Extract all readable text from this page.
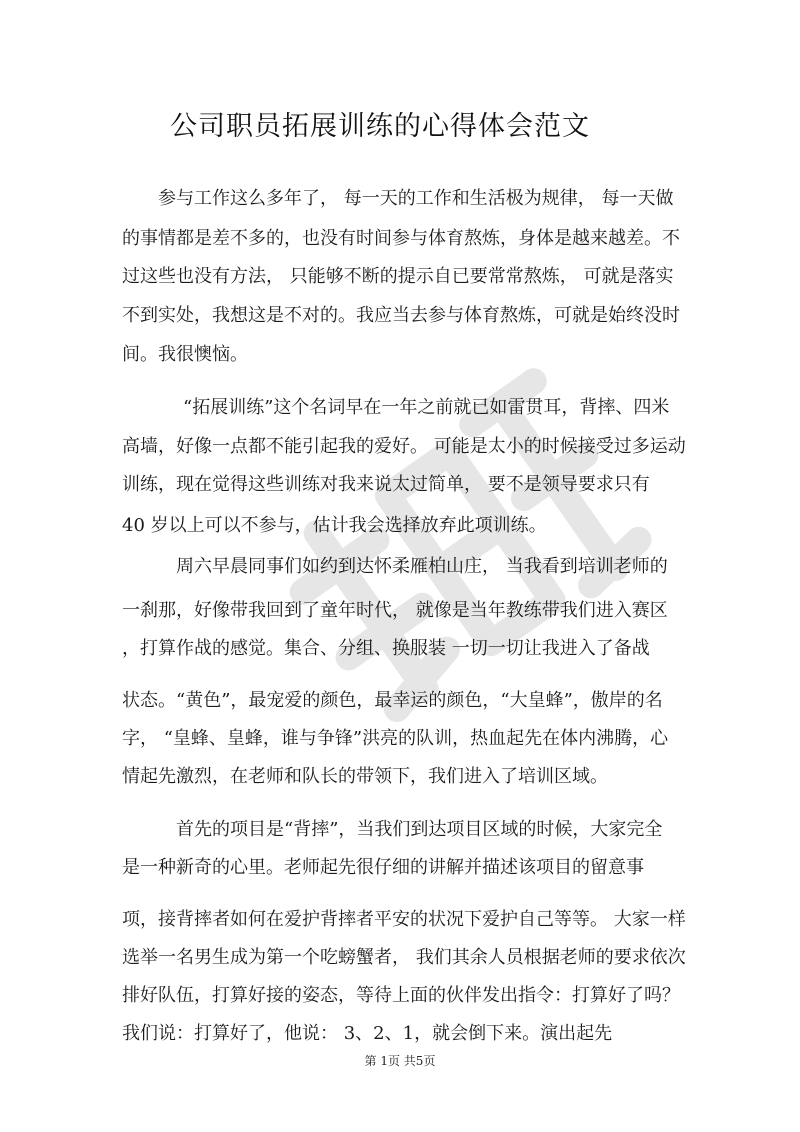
公司职员拓展训练的心得体会范文
参与工作这么多年了， 每一天的工作和生活极为规律， 每一天做
的事情都是差不多的，也没有时间参与体育熬炼，身体是越来越差。不
过这些也没有方法， 只能够不断的提示自已要常常熬炼， 可就是落实
不到实处，我想这是不对的。我应当去参与体育熬炼，可就是始终没时
间。我很懊恼。
“拓展训练”这个名词早在一年之前就已如雷贯耳，背摔、四米
高墙，好像一点都不能引起我的爱好。 可能是太小的时候接受过多运动
训练，现在觉得这些训练对我来说太过简单， 要不是领导要求只有
40 岁以上可以不参与，估计我会选择放弃此项训练。
周六早晨同事们如约到达怀柔雁柏山庄， 当我看到培训老师的
一刹那，好像带我回到了童年时代， 就像是当年教练带我们进入赛区
，打算作战的感觉。集合、分组、换服装 一切一切让我进入了备战
状态。“黄色”，最宠爱的颜色，最幸运的颜色，“大皇蜂”，傲岸的名
字， “皇蜂、皇蜂，谁与争锋”洪亮的队训，热血起先在体内沸腾，心
情起先激烈，在老师和队长的带领下，我们进入了培训区域。
首先的项目是“背摔”，当我们到达项目区域的时候，大家完全
是一种新奇的心里。老师起先很仔细的讲解并描述该项目的留意事
项，接背摔者如何在爱护背摔者平安的状况下爱护自己等等。 大家一样
选举一名男生成为第一个吃螃蟹者， 我们其余人员根据老师的要求依次
排好队伍，打算好接的姿态，等待上面的伙伴发出指令：打算好了吗？
我们说：打算好了，他说： 3、2、1，就会倒下来。演出起先
第 1页 共5页
